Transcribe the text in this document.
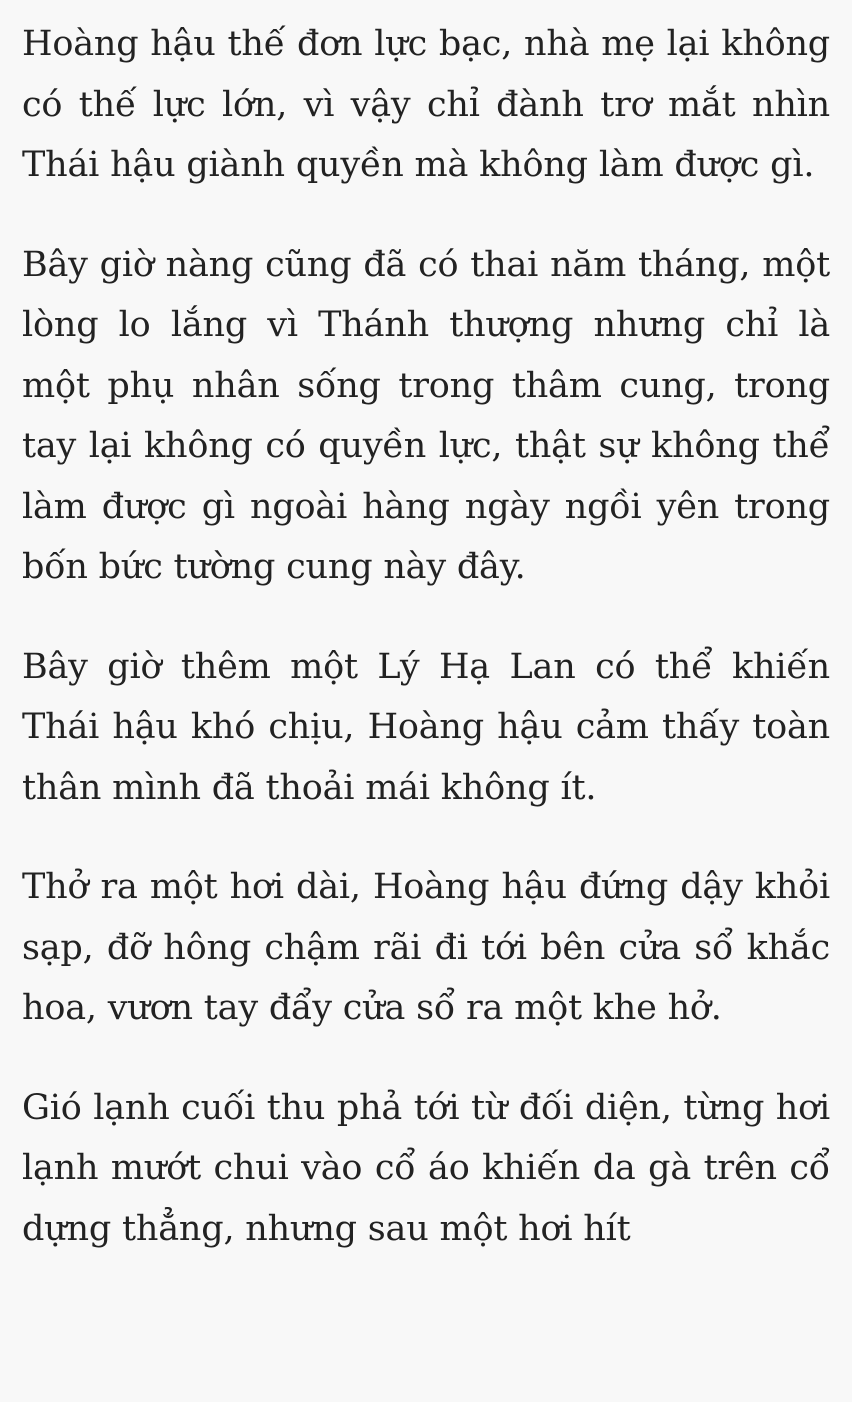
Hoàng hậu thế đơn lực bạc, nhà mẹ lại không có thế lực lớn, vì vậy chỉ đành trơ mắt nhìn Thái hậu giành quyền mà không làm được gì.

Bây giờ nàng cũng đã có thai năm tháng, một lòng lo lắng vì Thánh thượng nhưng chỉ là một phụ nhân sống trong thâm cung, trong tay lại không có quyền lực, thật sự không thể làm được gì ngoài hàng ngày ngồi yên trong bốn bức tường cung này đây.

Bây giờ thêm một Lý Hạ Lan có thể khiến Thái hậu khó chịu, Hoàng hậu cảm thấy toàn thân mình đã thoải mái không ít.

Thở ra một hơi dài, Hoàng hậu đứng dậy khỏi sạp, đỡ hông chậm rãi đi tới bên cửa sổ khắc hoa, vươn tay đẩy cửa sổ ra một khe hở.

Gió lạnh cuối thu phả tới từ đối diện, từng hơi lạnh mướt chui vào cổ áo khiến da gà trên cổ dựng thẳng, nhưng sau một hơi hít
